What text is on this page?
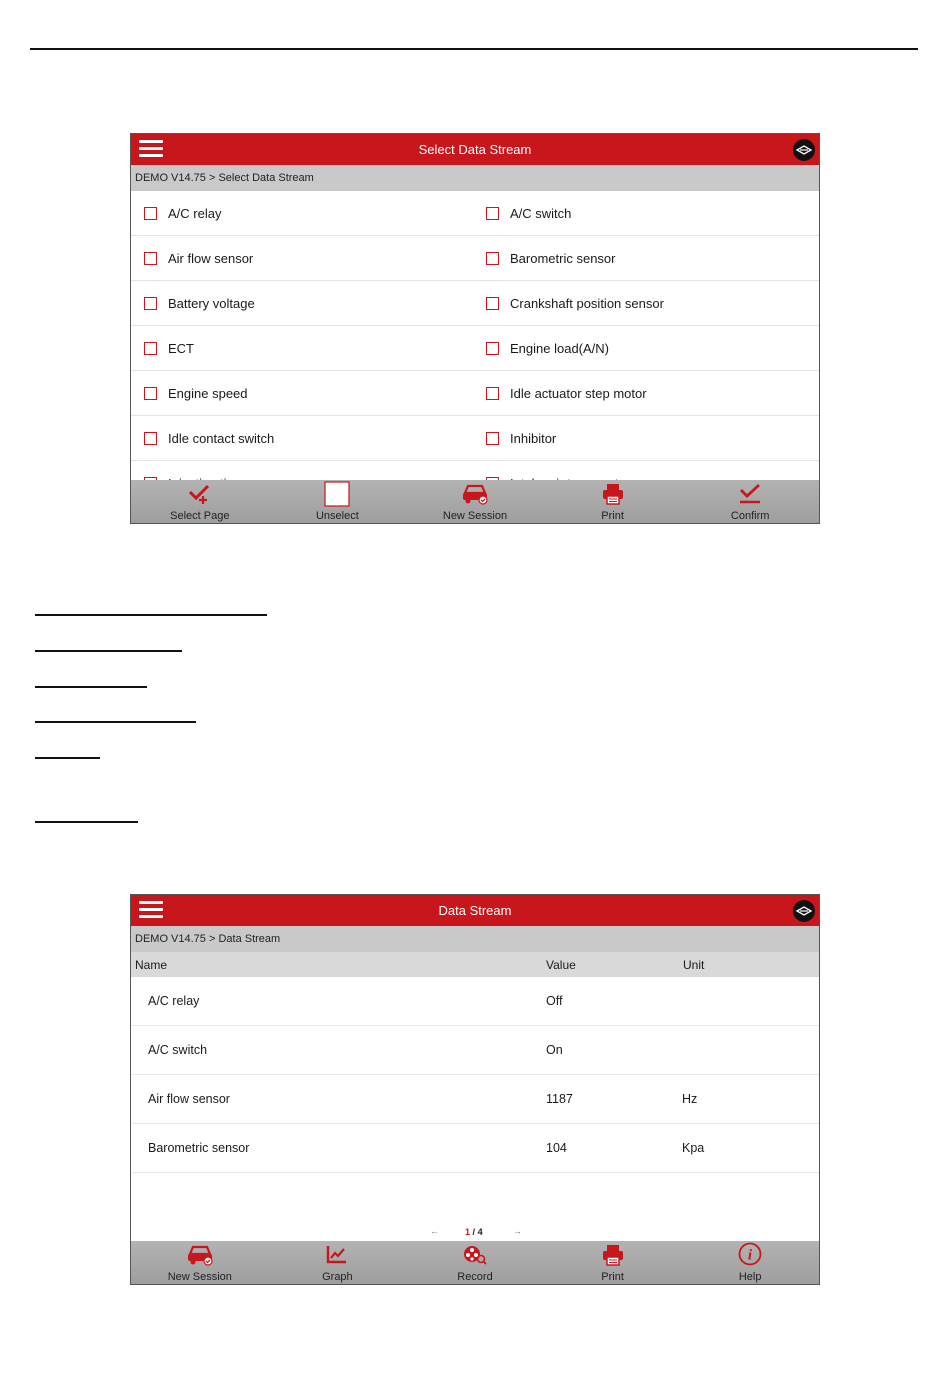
Select Data Stream
DEMO V14.75 > Select Data Stream
A/C relay	A/C switch
Air flow sensor	Barometric sensor
Battery voltage	Crankshaft position sensor
ECT	Engine load(A/N)
Engine speed	Idle actuator step motor
Idle contact switch	Inhibitor
Select Page	Unselect	New Session	Print	Confirm
Data Stream
DEMO V14.75 > Data Stream
Name	Value	Unit
A/C relay	Off
A/C switch	On
Air flow sensor	1187	Hz
Barometric sensor	104	Kpa
←	1 / 4	→
New Session	Graph	Record	Print
i
Help
